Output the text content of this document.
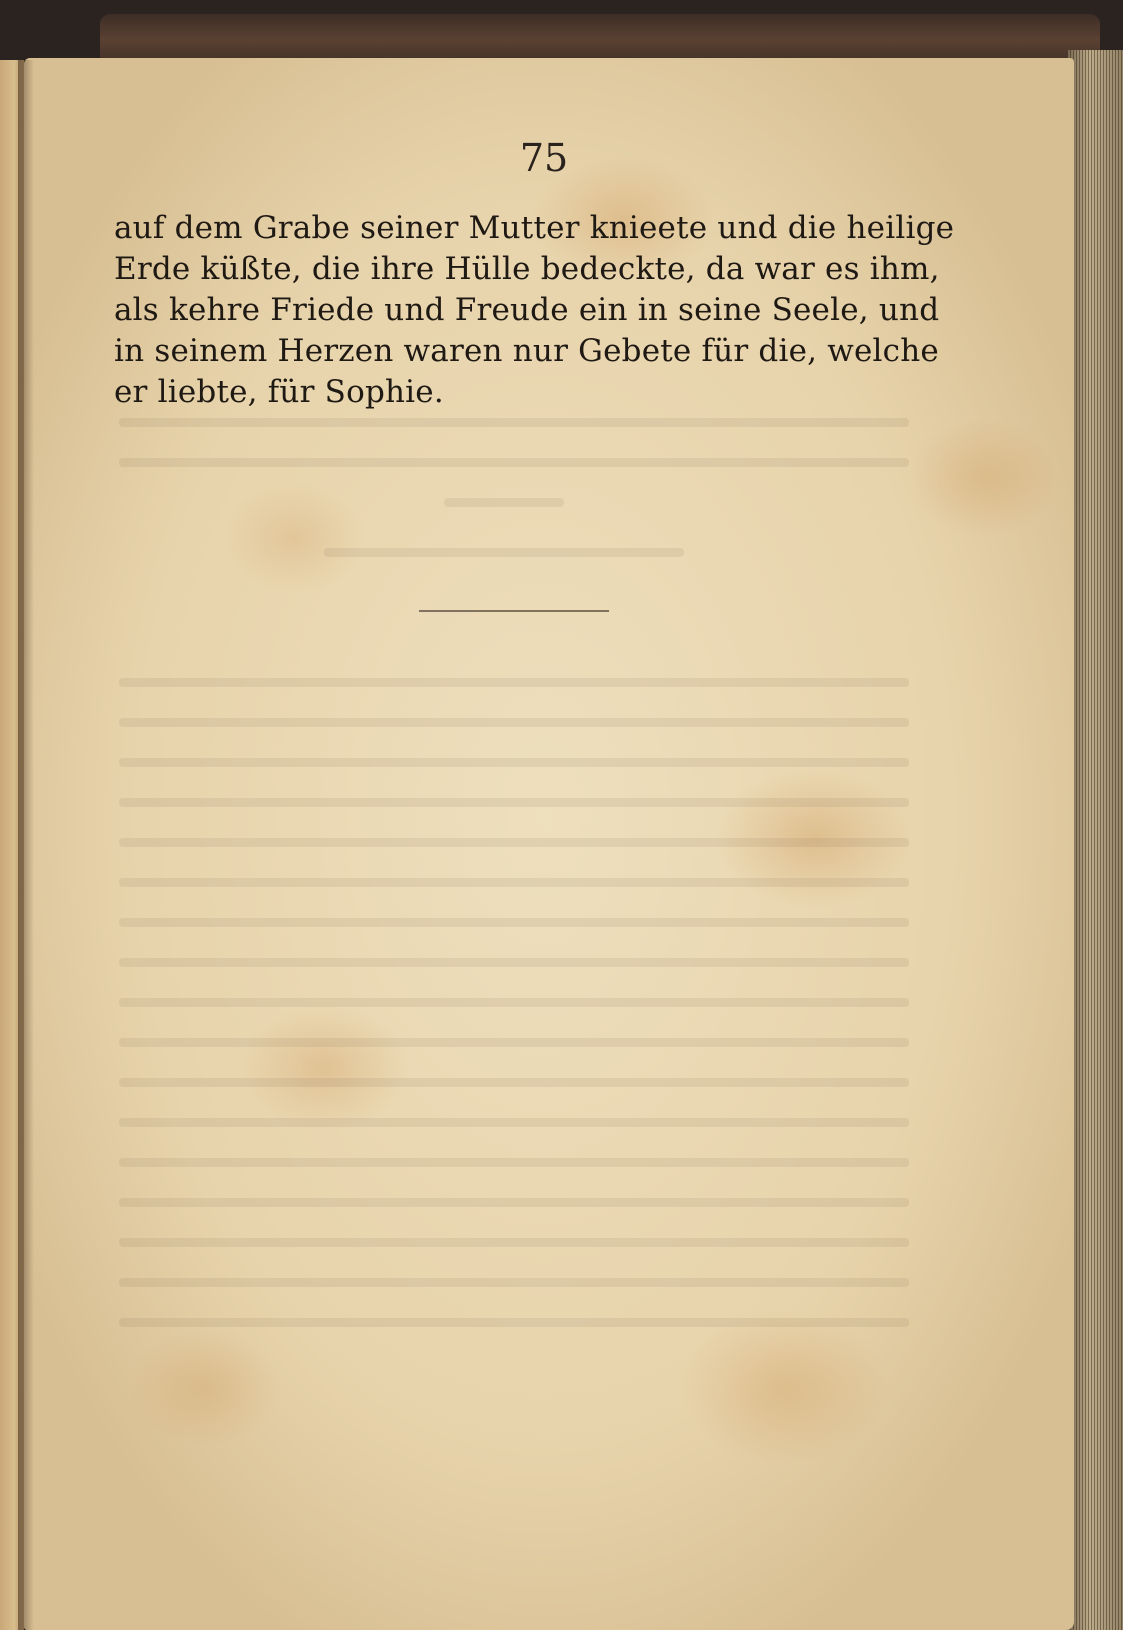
75
auf dem Grabe seiner Mutter knieete und die heilige
Erde küßte, die ihre Hülle bedeckte, da war es ihm,
als kehre Friede und Freude ein in seine Seele, und
in seinem Herzen waren nur Gebete für die, welche
er liebte, für Sophie.
